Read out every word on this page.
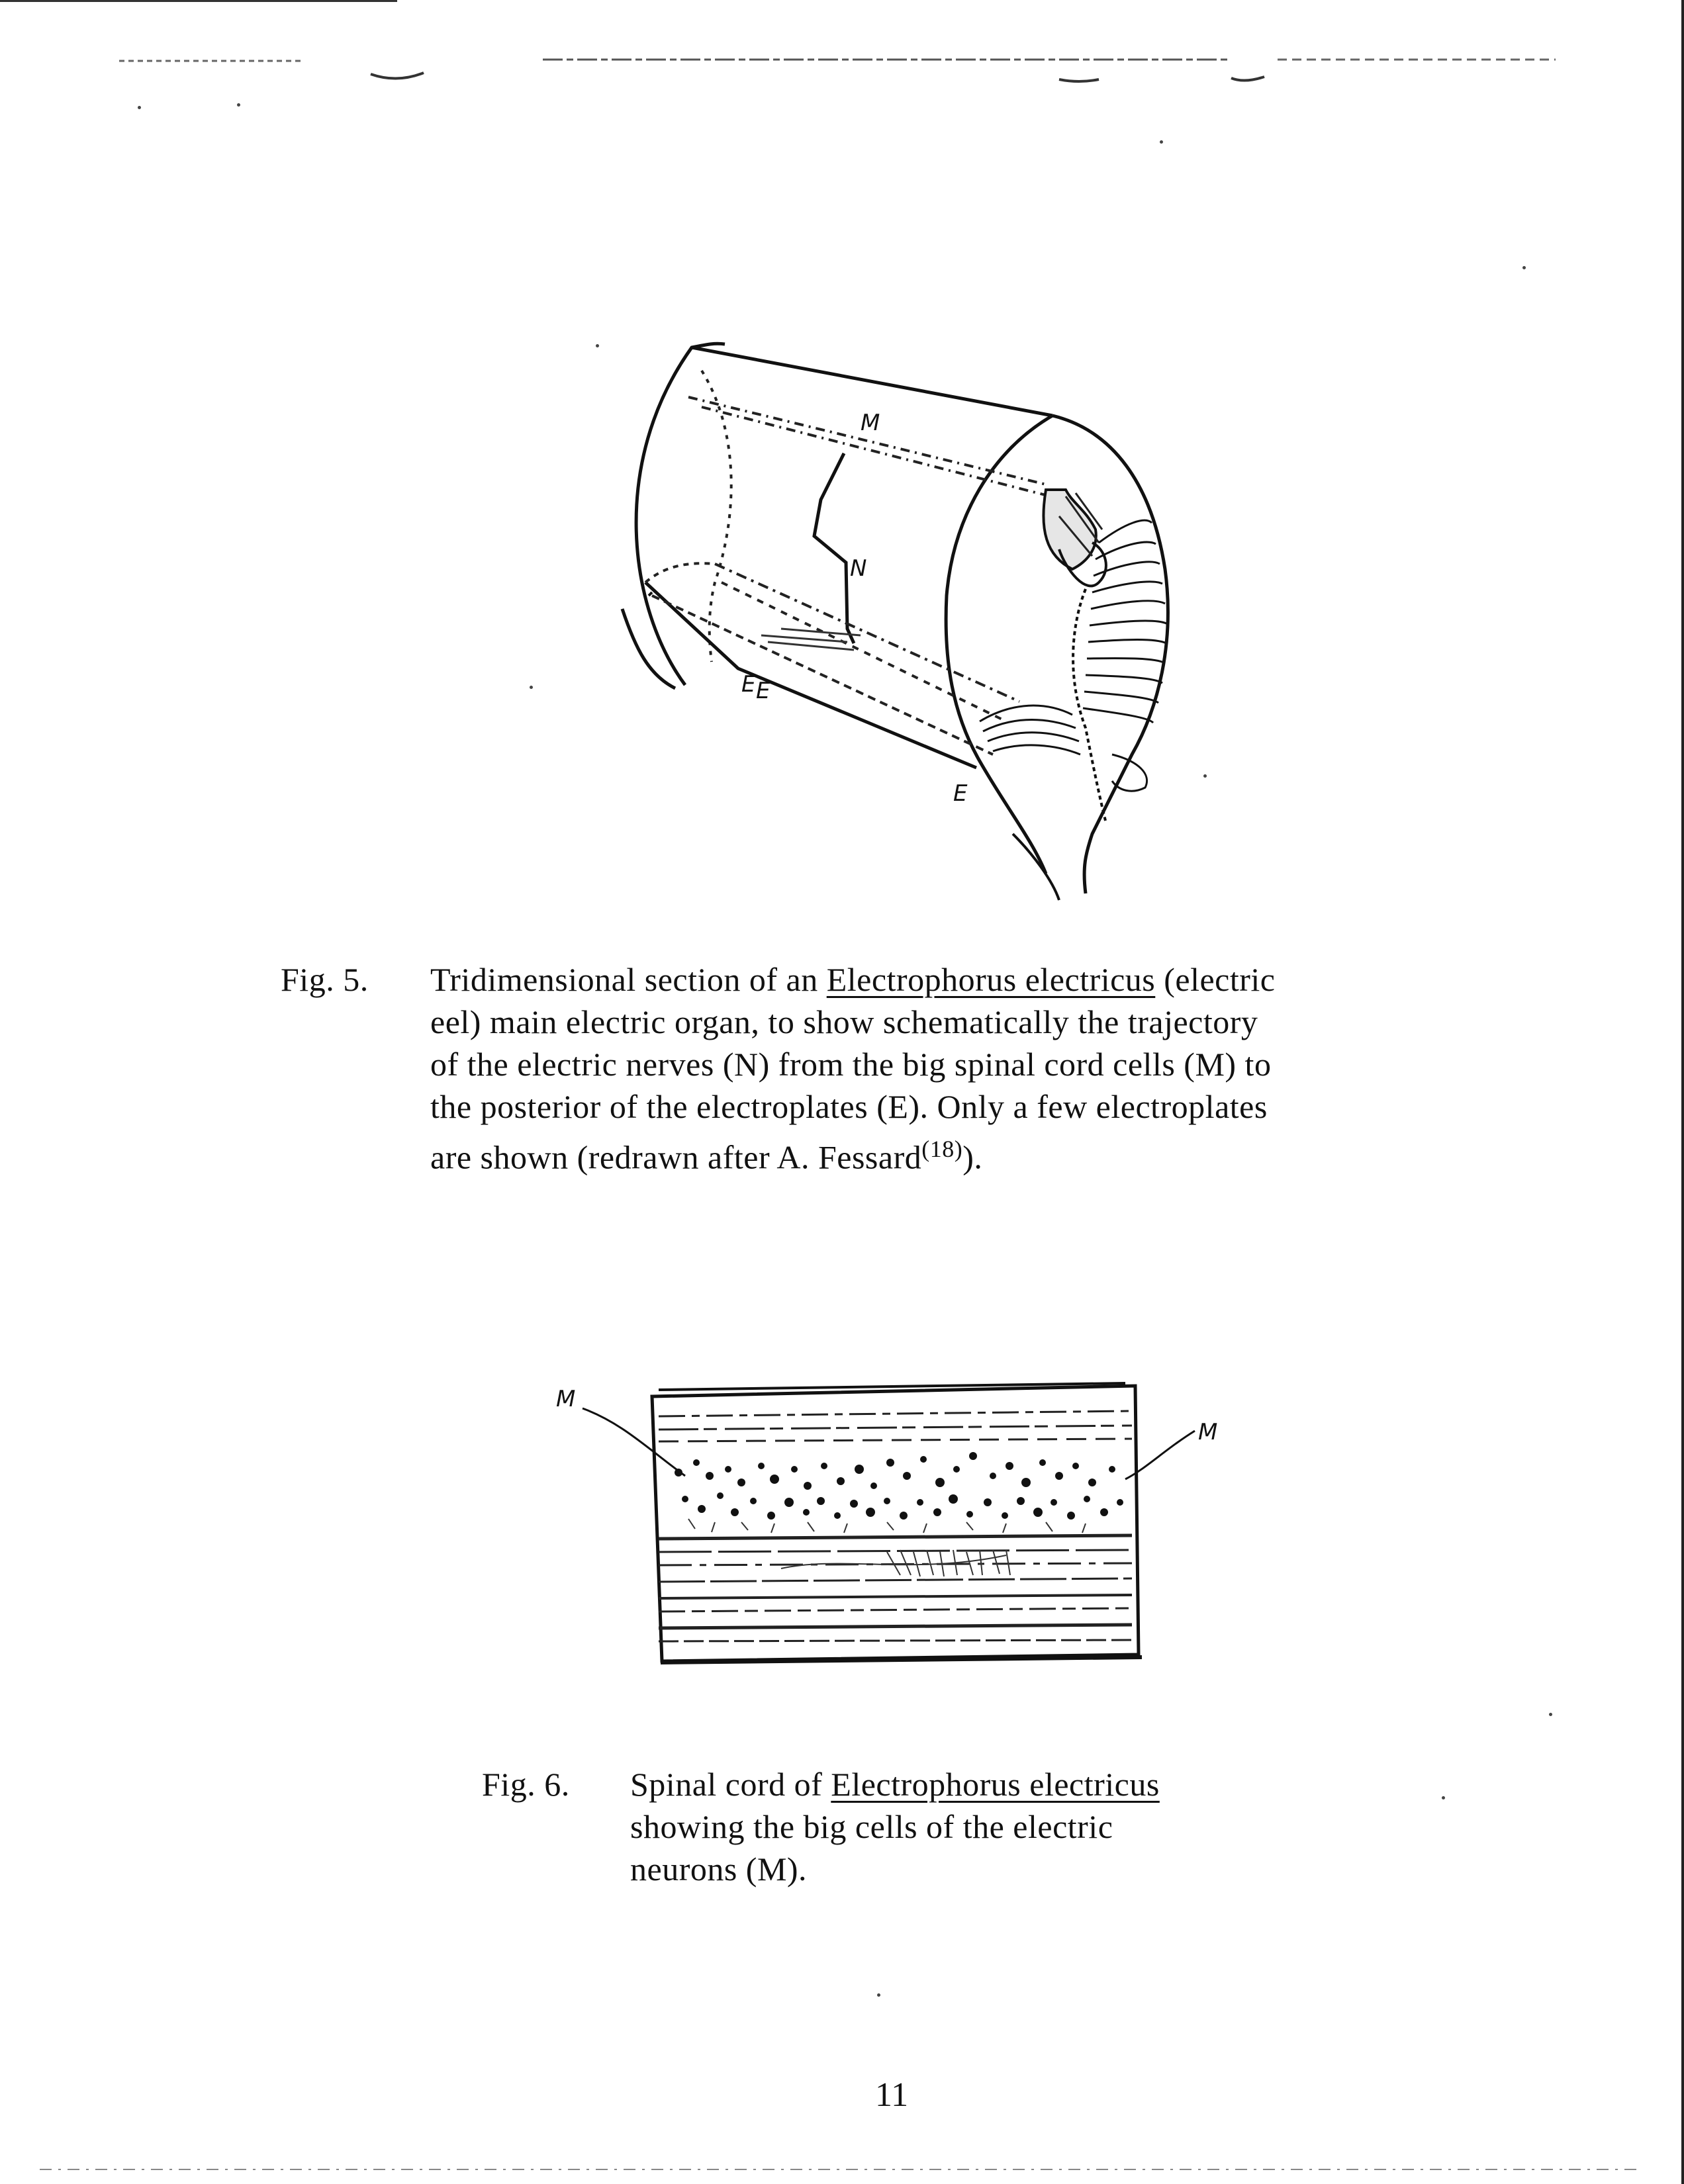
M
N
E E
E
Fig. 5. Tridimensional section of an Electrophorus electricus (electric
eel) main electric organ, to show schematically the trajectory
of the electric nerves (N) from the big spinal cord cells (M) to
the posterior of the electroplates (E). Only a few electroplates
are shown (redrawn after A. Fessard$^{(18)}$).
M
M
Fig. 6. Spinal cord of Electrophorus electricus
showing the big cells of the electric
neurons (M).
11
